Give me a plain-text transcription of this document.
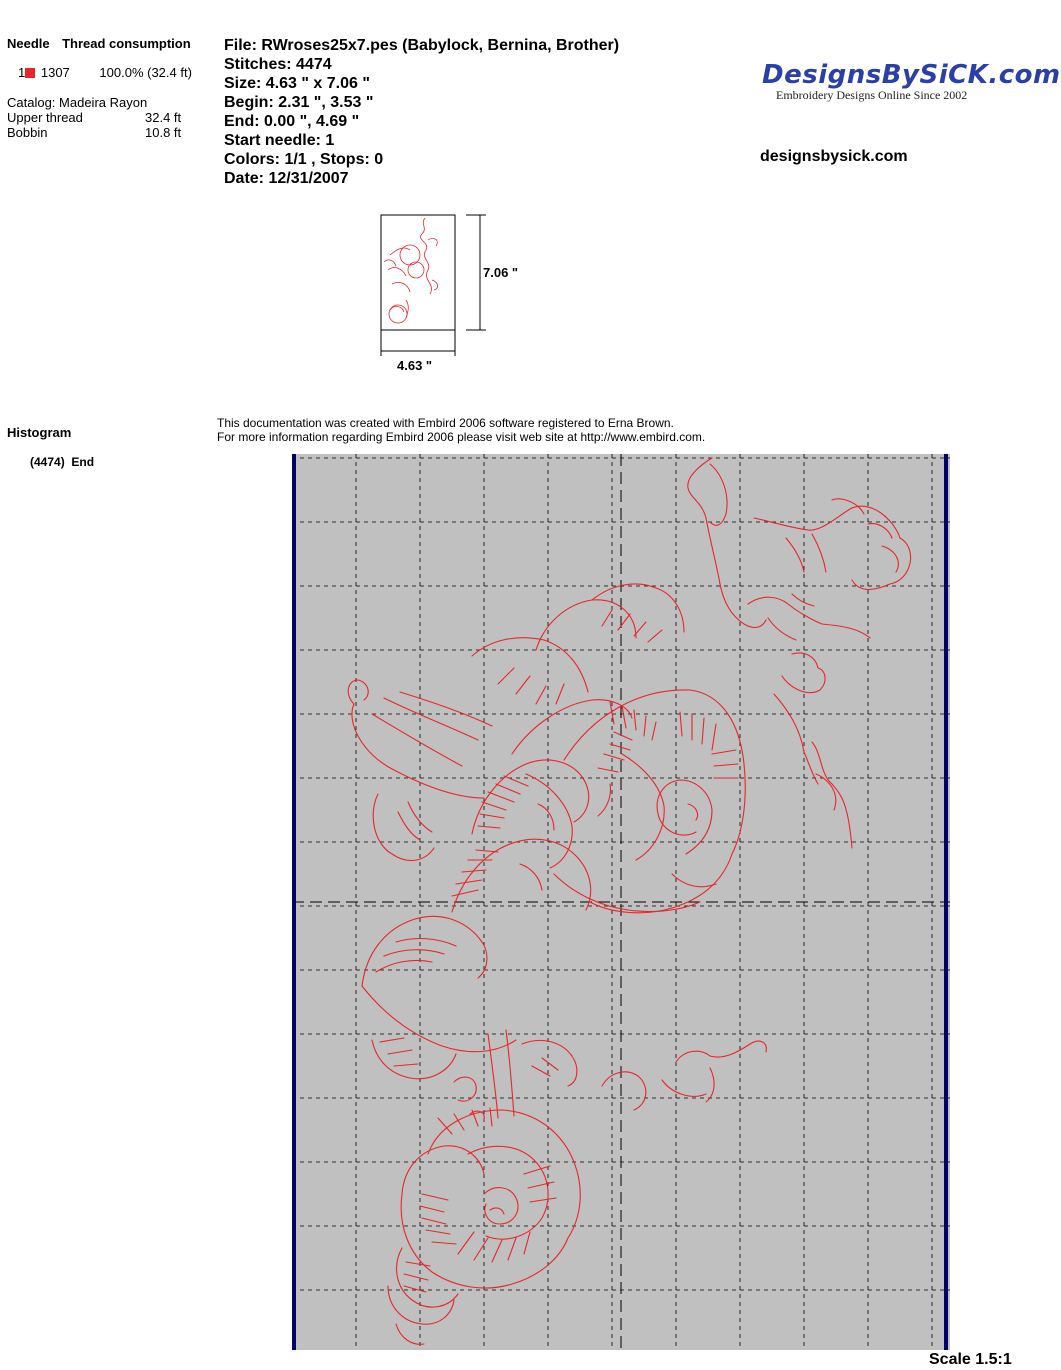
Needle Thread consumption
1 1307 100.0% (32.4 ft)
Catalog: Madeira Rayon
Upper thread	32.4 ft
Bobbin	10.8 ft
File: RWroses25x7.pes (Babylock, Bernina, Brother)
Stitches: 4474
Size: 4.63 " x 7.06 "
Begin: 2.31 ", 3.53 "
End: 0.00 ", 4.69 "
Start needle: 1
Colors: 1/1 , Stops: 0
Date: 12/31/2007
DesignsBySiCK.com
Embroidery Designs Online Since 2002
designsbysick.com
7.06 "
4.63 "
Histogram
(4474)  End
This documentation was created with Embird 2006 software registered to Erna Brown.
For more information regarding Embird 2006 please visit web site at http://www.embird.com.
Scale 1.5:1
